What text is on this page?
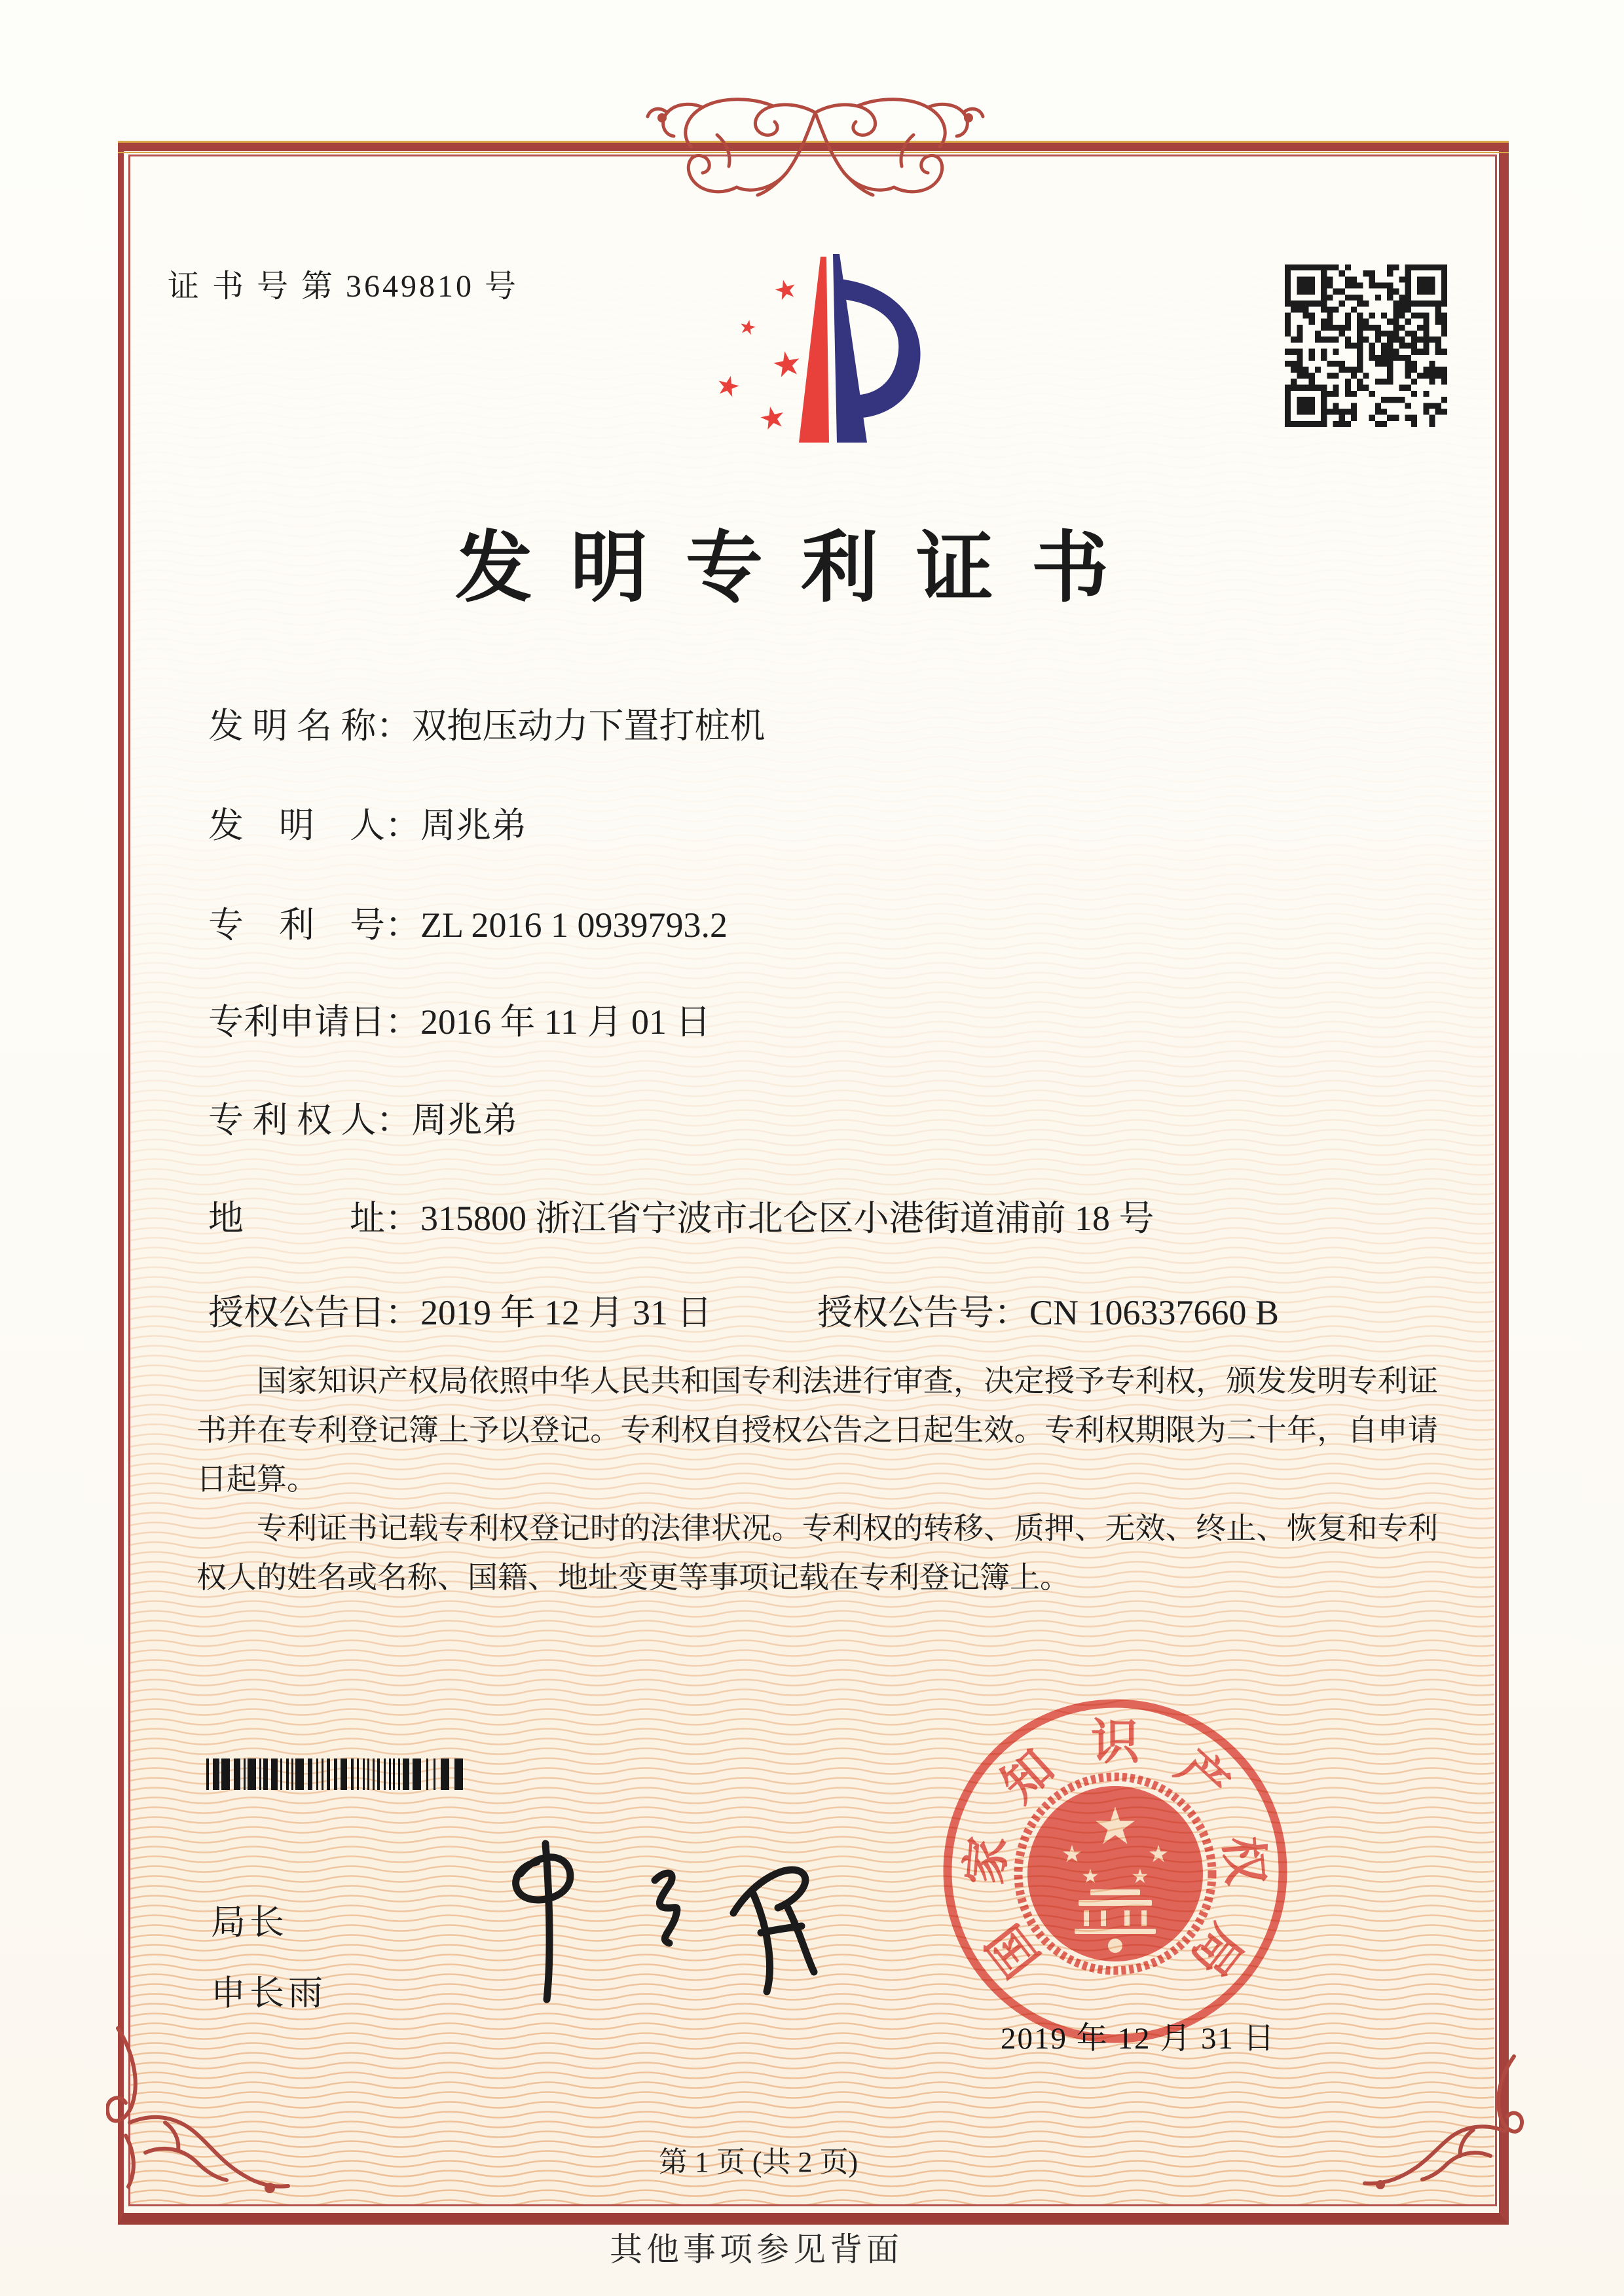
证 书 号 第 3649810 号	★
★
★
★
★
发明专利证书
发 明 名 称：双抱压动力下置打桩机
发　明　人：周兆弟
专　利　号：ZL 2016 1 0939793.2
专利申请日：2016 年 11 月 01 日
专 利 权 人：周兆弟
地　　　址：315800 浙江省宁波市北仑区小港街道浦前 18 号
授权公告日：2019 年 12 月 31 日	授权公告号：CN 106337660 B

国家知识产权局依照中华人民共和国专利法进行审查，决定授予专利权，颁发发明专利证书并在专利登记簿上予以登记。专利权自授权公告之日起生效。专利权期限为二十年，自申请日起算。

专利证书记载专利权登记时的法律状况。专利权的转移、质押、无效、终止、恢复和专利权人的姓名或名称、国籍、地址变更等事项记载在专利登记簿上。

局长
申长雨
国
家
知 识 产
权
局
★
★	★
★ ★
2019 年 12 月 31 日
第 1 页 (共 2 页)
其他事项参见背面
